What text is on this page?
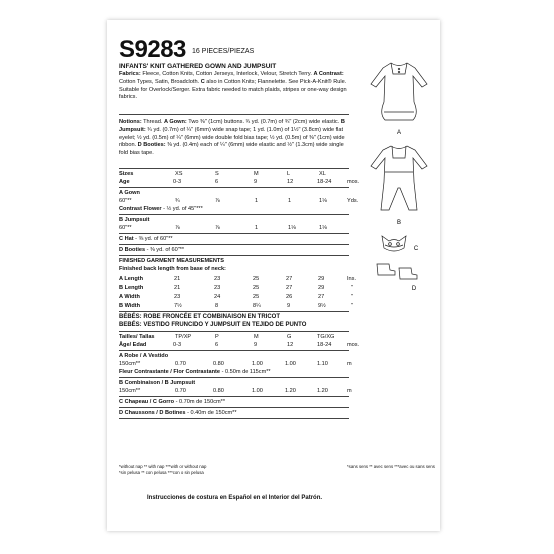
S9283 16 PIECES/PIEZAS
INFANTS' KNIT GATHERED GOWN AND JUMPSUIT
Fabrics: Fleece, Cotton Knits, Cotton Jerseys, Interlock, Velour, Stretch Terry. A Contrast: Cotton Types, Satin, Broadcloth. C also in Cotton Knits; Flannelette. See Pick-A-Knit® Rule. Suitable for Overlock/Serger. Extra fabric needed to match plaids, stripes or one-way design fabrics.
Notions: Thread. A Gown: Two ⅜" (1cm) buttons. ¾ yd. (0.7m) of ¾" (2cm) wide elastic. B Jumpsuit: ¾ yd. (0.7m) of ¼" (6mm) wide snap tape; 1 yd. (1.0m) of 1½" (3.8cm) wide flat eyelet; ½ yd. (0.5m) of ¼" (6mm) wide double fold bias tape; ½ yd. (0.5m) of ⅜" (1cm) wide ribbon. D Booties: ⅜ yd. (0.4m) each of ¼" (6mm) wide elastic and ½" (1.3cm) wide single fold bias tape.
Sizes	XS	S	M	L	XL
Age	0-3	6	9	12	18-24	mos.
A Gown
60"**	¾	⅞	1	1	1⅛	Yds.
Contrast Flower - ½ yd. of 45"***
B Jumpsuit
60"**	⅞	⅞	1	1⅛	1⅛
C Hat - ⅜ yd. of 60"**
D Booties - ⅜ yd. of 60"**
FINISHED GARMENT MEASUREMENTS
Finished back length from base of neck:
A Length	21	23	25	27	29	Ins.
B Length	21	23	25	27	29	"
A Width	23	24	25	26	27	"
B Width	7½	8	8¼	9	9½	"
BÉBÉS: ROBE FRONCÉE ET COMBINAISON EN TRICOT
BEBÉS: VESTIDO FRUNCIDO Y JUMPSUIT EN TEJIDO DE PUNTO
Tailles/ Tallas	TP/XP	P	M	G	TG/XG
Âge/ Edad	0-3	6	9	12	18-24	mos.
A Robe / A Vestido
150cm**	0.70	0.80	1.00	1.00	1.10	m
Fleur Contrastante / Flor Contrastante - 0.50m de 115cm**
B Combinaison / B Jumpsuit
150cm**	0.70	0.80	1.00	1.20	1.20	m
C Chapeau / C Gorro - 0.70m de 150cm**
D Chaussons / D Botines - 0.40m de 150cm**
*without nap ** with nap ***with or without nap
*sin pelusa ** con pelusa ***con o sin pelusa
*sans sens ** avec sens ***avec ou sans sens
Instrucciones de costura en Español en el Interior del Patrón.
A
B
C
D
